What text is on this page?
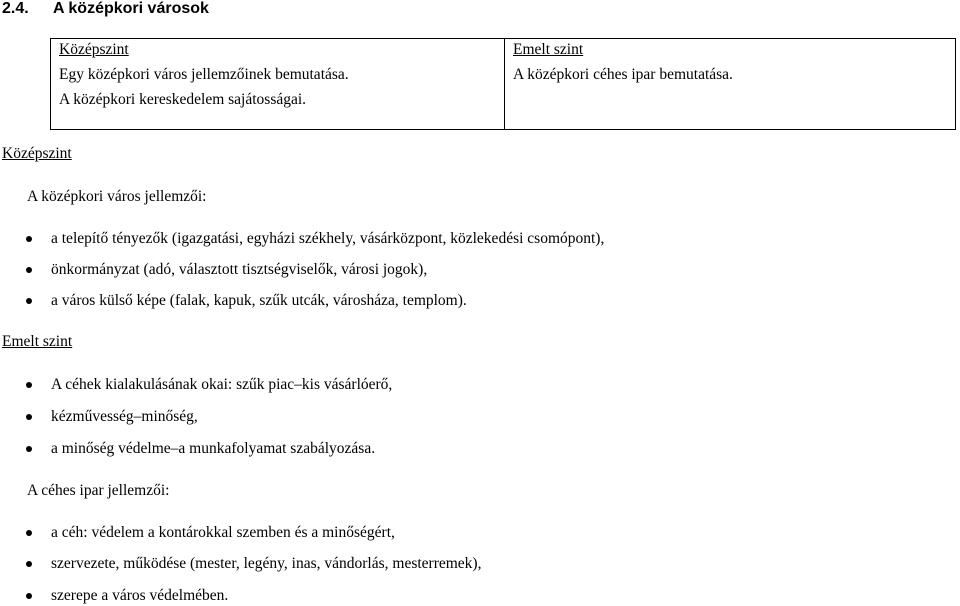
2.4. A középkori városok
Középszint
Egy középkori város jellemzőinek bemutatása.
A középkori kereskedelem sajátosságai.
Emelt szint
A középkori céhes ipar bemutatása.
Középszint
A középkori város jellemzői:
a telepítő tényezők (igazgatási, egyházi székhely, vásárközpont, közlekedési csomópont),
önkormányzat (adó, választott tisztségviselők, városi jogok),
a város külső képe (falak, kapuk, szűk utcák, városháza, templom).
Emelt szint
A céhek kialakulásának okai: szűk piac–kis vásárlóerő,
kézművesség–minőség,
a minőség védelme–a munkafolyamat szabályozása.
A céhes ipar jellemzői:
a céh: védelem a kontárokkal szemben és a minőségért,
szervezete, működése (mester, legény, inas, vándorlás, mesterremek),
szerepe a város védelmében.
